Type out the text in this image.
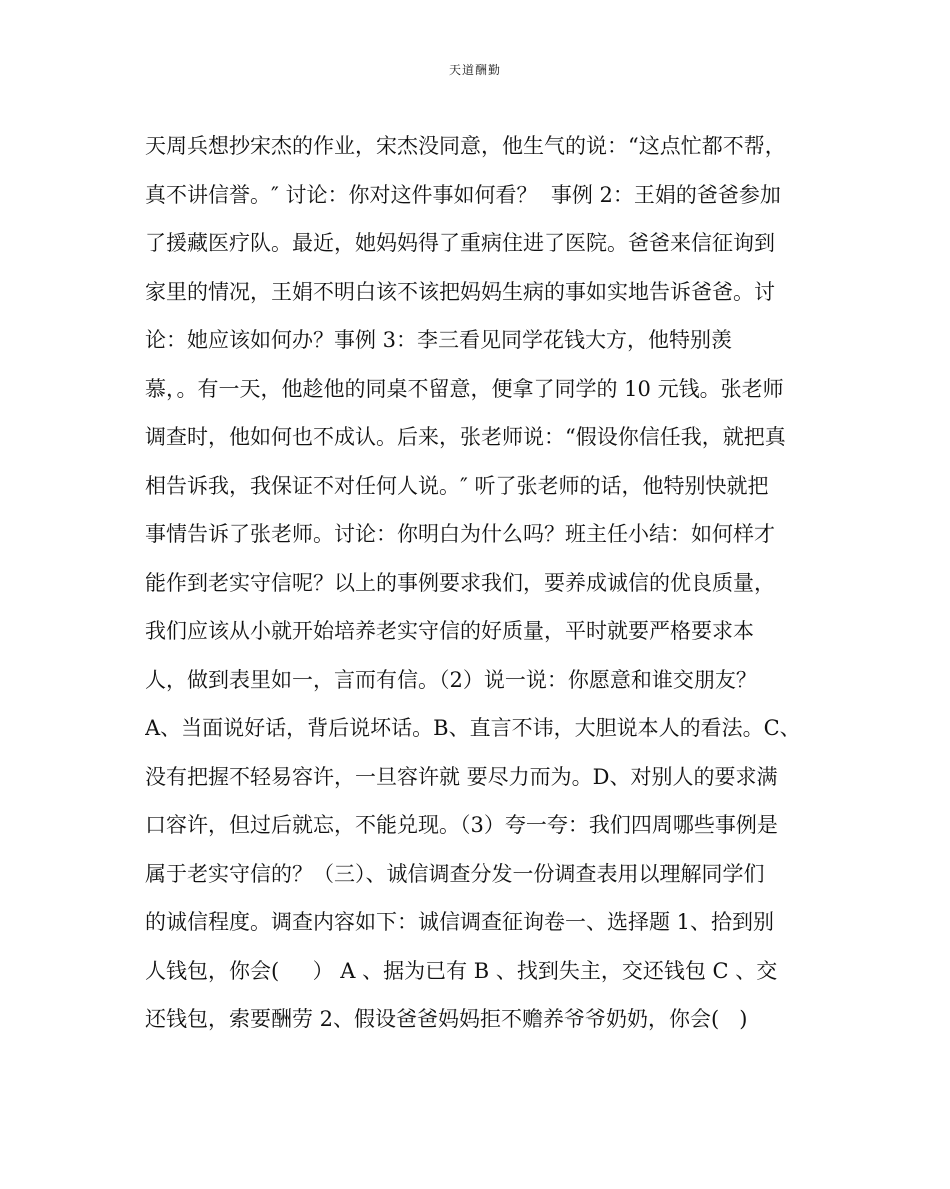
天道酬勤
天周兵想抄宋杰的作业，宋杰没同意，他生气的说：“这点忙都不帮，
真不讲信誉。″ 讨论：你对这件事如何看？  事例 2：王娟的爸爸参加
了援藏医疗队。最近，她妈妈得了重病住进了医院。爸爸来信征询到
家里的情况，王娟不明白该不该把妈妈生病的事如实地告诉爸爸。讨
论：她应该如何办？事例 3：李三看见同学花钱大方，他特别羡
慕，。有一天，他趁他的同桌不留意，便拿了同学的 10 元钱。张老师
调查时，他如何也不成认。后来，张老师说：“假设你信任我，就把真
相告诉我，我保证不对任何人说。″ 听了张老师的话，他特别快就把
事情告诉了张老师。讨论：你明白为什么吗？班主任小结：如何样才
能作到老实守信呢？以上的事例要求我们，要养成诚信的优良质量，
我们应该从小就开始培养老实守信的好质量，平时就要严格要求本
人，做到表里如一，言而有信。（2）说一说：你愿意和谁交朋友？
A、当面说好话，背后说坏话。B、直言不讳，大胆说本人的看法。C、
没有把握不轻易容许，一旦容许就 要尽力而为。D、对别人的要求满
口容许，但过后就忘，不能兑现。（3）夸一夸：我们四周哪些事例是
属于老实守信的？（三）、诚信调查分发一份调查表用以理解同学们
的诚信程度。调查内容如下：诚信调查征询卷一、选择题 1、拾到别
人钱包，你会(     ） A 、据为已有 B 、找到失主，交还钱包 C 、交
还钱包，索要酬劳 2、假设爸爸妈妈拒不赡养爷爷奶奶，你会(   )
